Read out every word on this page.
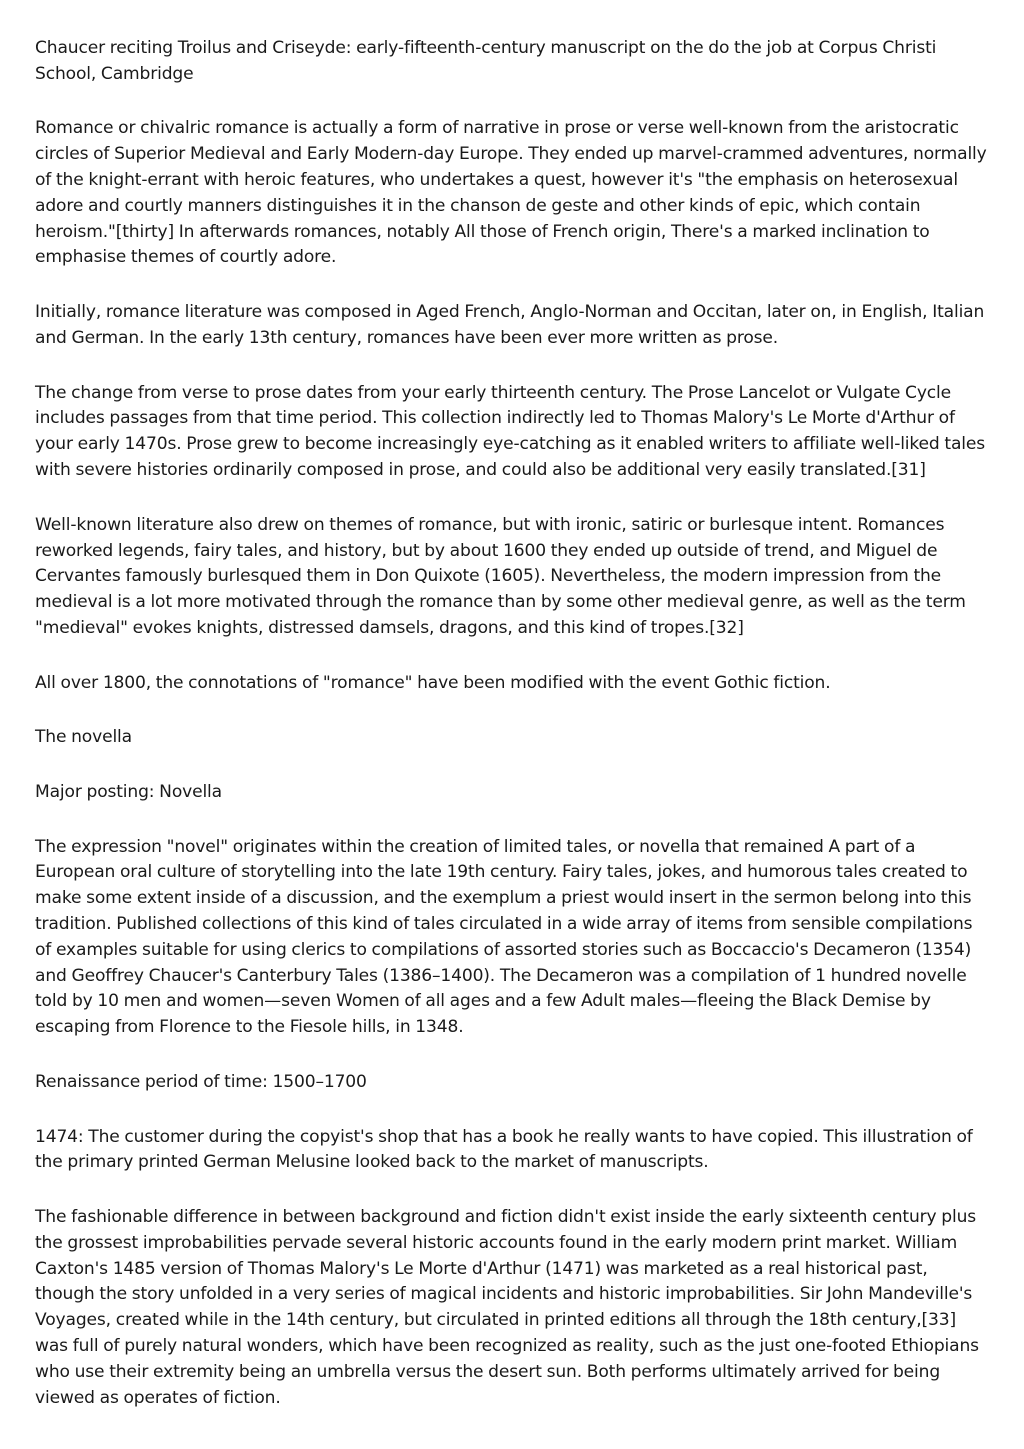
Chaucer reciting Troilus and Criseyde: early-fifteenth-century manuscript on the do the job at Corpus Christi School, Cambridge

Romance or chivalric romance is actually a form of narrative in prose or verse well-known from the aristocratic circles of Superior Medieval and Early Modern-day Europe. They ended up marvel-crammed adventures, normally of the knight-errant with heroic features, who undertakes a quest, however it's "the emphasis on heterosexual adore and courtly manners distinguishes it in the chanson de geste and other kinds of epic, which contain heroism."[thirty] In afterwards romances, notably All those of French origin, There's a marked inclination to emphasise themes of courtly adore.

Initially, romance literature was composed in Aged French, Anglo-Norman and Occitan, later on, in English, Italian and German. In the early 13th century, romances have been ever more written as prose.

The change from verse to prose dates from your early thirteenth century. The Prose Lancelot or Vulgate Cycle includes passages from that time period. This collection indirectly led to Thomas Malory's Le Morte d'Arthur of your early 1470s. Prose grew to become increasingly eye-catching as it enabled writers to affiliate well-liked tales with severe histories ordinarily composed in prose, and could also be additional very easily translated.[31]

Well-known literature also drew on themes of romance, but with ironic, satiric or burlesque intent. Romances reworked legends, fairy tales, and history, but by about 1600 they ended up outside of trend, and Miguel de Cervantes famously burlesqued them in Don Quixote (1605). Nevertheless, the modern impression from the medieval is a lot more motivated through the romance than by some other medieval genre, as well as the term "medieval" evokes knights, distressed damsels, dragons, and this kind of tropes.[32]

All over 1800, the connotations of "romance" have been modified with the event Gothic fiction.

The novella

Major posting: Novella

The expression "novel" originates within the creation of limited tales, or novella that remained A part of a European oral culture of storytelling into the late 19th century. Fairy tales, jokes, and humorous tales created to make some extent inside of a discussion, and the exemplum a priest would insert in the sermon belong into this tradition. Published collections of this kind of tales circulated in a wide array of items from sensible compilations of examples suitable for using clerics to compilations of assorted stories such as Boccaccio's Decameron (1354) and Geoffrey Chaucer's Canterbury Tales (1386–1400). The Decameron was a compilation of 1 hundred novelle told by 10 men and women—seven Women of all ages and a few Adult males—fleeing the Black Demise by escaping from Florence to the Fiesole hills, in 1348.

Renaissance period of time: 1500–1700

1474: The customer during the copyist's shop that has a book he really wants to have copied. This illustration of the primary printed German Melusine looked back to the market of manuscripts.

The fashionable difference in between background and fiction didn't exist inside the early sixteenth century plus the grossest improbabilities pervade several historic accounts found in the early modern print market. William Caxton's 1485 version of Thomas Malory's Le Morte d'Arthur (1471) was marketed as a real historical past, though the story unfolded in a very series of magical incidents and historic improbabilities. Sir John Mandeville's Voyages, created while in the 14th century, but circulated in printed editions all through the 18th century,[33] was full of purely natural wonders, which have been recognized as reality, such as the just one-footed Ethiopians who use their extremity being an umbrella versus the desert sun. Both performs ultimately arrived for being viewed as operates of fiction.
